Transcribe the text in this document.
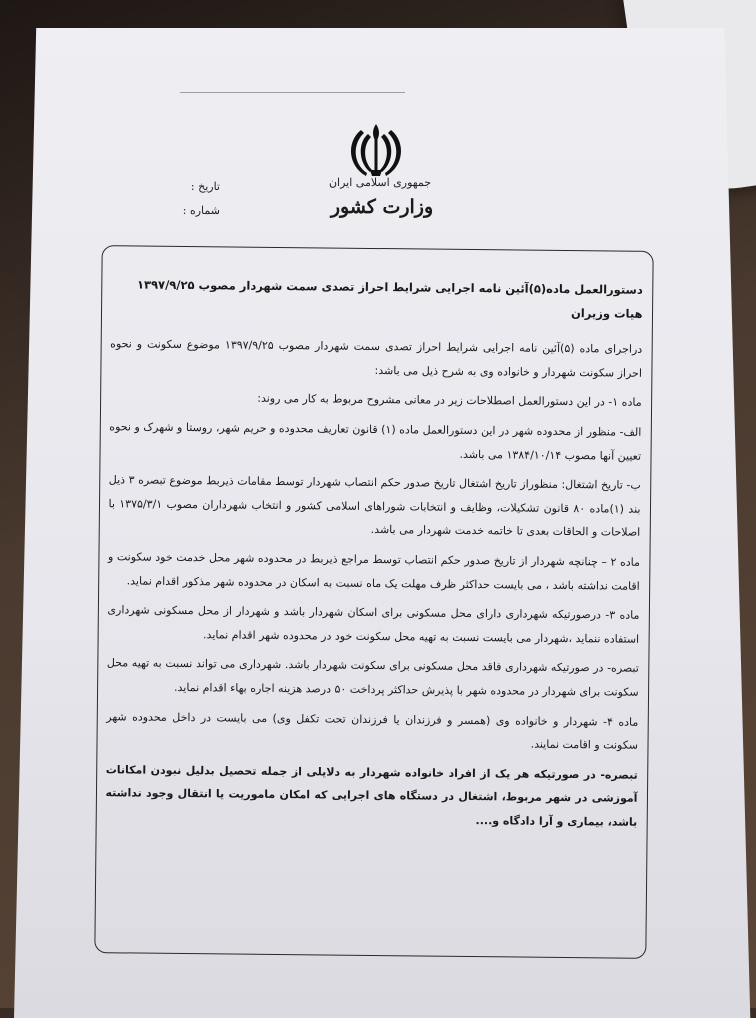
جمهوری اسلامی ایران
وزارت کشور
تاریخ :
شماره :
دستورالعمل ماده(۵)آئین نامه اجرایی شرایط احراز تصدی سمت شهردار مصوب ۱۳۹۷/۹/۲۵ هیات وزیران

دراجرای ماده (۵)آئین نامه اجرایی شرایط احراز تصدی سمت شهردار مصوب ۱۳۹۷/۹/۲۵ موضوع سکونت و نحوه احراز سکونت شهردار و خانواده وی به شرح ذیل می باشد:

ماده ۱- در این دستورالعمل اصطلاحات زیر در معانی مشروح مربوط به کار می روند:

الف- منظور از محدوده شهر در این دستورالعمل ماده (۱) قانون تعاریف محدوده و حریم شهر، روستا و شهرک و نحوه تعیین آنها مصوب ۱۳۸۴/۱۰/۱۴ می باشد.

ب- تاریخ اشتغال: منظوراز تاریخ اشتغال تاریخ صدور حکم انتصاب شهردار توسط مقامات ذیربط موضوع تبصره ۳ ذیل بند (۱)ماده ۸۰ قانون تشکیلات، وظایف و انتخابات شوراهای اسلامی کشور و انتخاب شهرداران مصوب ۱۳۷۵/۳/۱ با اصلاحات و الحاقات بعدی تا خاتمه خدمت شهردار می باشد.

ماده ۲ – چنانچه شهردار از تاریخ صدور حکم انتصاب توسط مراجع ذیربط در محدوده شهر محل خدمت خود سکونت و اقامت نداشته باشد ، می بایست حداکثر ظرف مهلت یک ماه نسبت به اسکان در محدوده شهر مذکور اقدام نماید.

ماده ۳- درصورتیکه شهرداری دارای محل مسکونی برای اسکان شهردار باشد و شهردار از محل مسکونی شهرداری استفاده ننماید ،شهردار می بایست نسبت به تهیه محل سکونت خود در محدوده شهر اقدام نماید.

تبصره- در صورتیکه شهرداری فاقد محل مسکونی برای سکونت شهردار باشد. شهرداری می تواند نسبت به تهیه محل سکونت برای شهردار در محدوده شهر با پذیرش حداکثر پرداخت ۵۰ درصد هزینه اجاره بهاء اقدام نماید.

ماده ۴- شهردار و خانواده وی (همسر و فرزندان یا فرزندان تحت تکفل وی) می بایست در داخل محدوده شهر سکونت و اقامت نمایند.

تبصره- در صورتیکه هر یک از افراد خانواده شهردار به دلایلی از جمله تحصیل بدلیل نبودن امکانات آموزشی در شهر مربوط، اشتغال در دستگاه های اجرایی که امکان ماموریت یا انتقال وجود نداشته باشد، بیماری و آرا دادگاه و....
